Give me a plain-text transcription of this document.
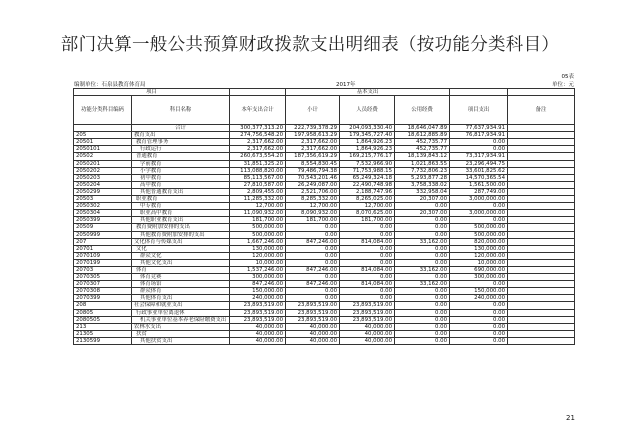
部门决算一般公共预算财政拨款支出明细表（按功能分类科目）
05表
编制单位：石泉县教育体育局	2017年	单位：元
项目			基本支出				
功能分类科目编码	科目名称	本年支出合计	小计	人员经费	公用经费	项目支出	备注
	合计	300,377,313.20	222,739,378.29	204,093,330.40	18,646,047.89	77,637,934.91	
205	教育支出	274,756,548.20	197,958,613.29	179,345,727.40	18,612,885.89	76,817,934.91	
20501	教育管理事务	2,317,662.00	2,317,662.00	1,864,926.23	452,735.77	0.00	
2050101	行政运行	2,317,662.00	2,317,662.00	1,864,926.23	452,735.77	0.00	
20502	普通教育	260,673,554.20	187,356,619.29	169,215,776.17	18,139,843.12	73,317,934.91	
2050201	学前教育	31,851,325.20	8,554,830.45	7,532,966.90	1,021,863.55	23,296,494.75	
2050202	小学教育	113,088,820.00	79,486,794.38	71,753,988.15	7,732,806.23	33,601,825.62	
2050203	初中教育	85,113,567.00	70,543,201.46	65,249,324.18	5,293,877.28	14,570,365.54	
2050204	高中教育	27,810,587.00	26,249,087.00	22,490,748.98	3,758,338.02	1,561,500.00	
2050299	其他普通教育支出	2,809,455.00	2,521,706.00	2,188,747.96	332,958.04	287,749.00	
20503	职业教育	11,285,332.00	8,285,332.00	8,265,025.00	20,307.00	3,000,000.00	
2050302	中专教育	12,700.00	12,700.00	12,700.00	0.00	0.00	
2050304	职业高中教育	11,090,932.00	8,090,932.00	8,070,625.00	20,307.00	3,000,000.00	
2050399	其他职业教育支出	181,700.00	181,700.00	181,700.00	0.00	0.00	
20509	教育费附加安排的支出	500,000.00	0.00	0.00	0.00	500,000.00	
2050999	其他教育费附加安排的支出	500,000.00	0.00	0.00	0.00	500,000.00	
207	文化体育与传媒支出	1,667,246.00	847,246.00	814,084.00	33,162.00	820,000.00	
20701	文化	130,000.00	0.00	0.00	0.00	130,000.00	
2070109	群众文化	120,000.00	0.00	0.00	0.00	120,000.00	
2070199	其他文化支出	10,000.00	0.00	0.00	0.00	10,000.00	
20703	体育	1,537,246.00	847,246.00	814,084.00	33,162.00	690,000.00	
2070305	体育竞赛	300,000.00	0.00	0.00	0.00	300,000.00	
2070307	体育场馆	847,246.00	847,246.00	814,084.00	33,162.00	0.00	
2070308	群众体育	150,000.00	0.00	0.00	0.00	150,000.00	
2070399	其他体育支出	240,000.00	0.00	0.00	0.00	240,000.00	
208	社会保障和就业支出	23,893,519.00	23,893,519.00	23,893,519.00	0.00	0.00	
20805	行政事业单位离退休	23,893,519.00	23,893,519.00	23,893,519.00	0.00	0.00	
2080505	机关事业单位基本养老保险缴费支出	23,893,519.00	23,893,519.00	23,893,519.00	0.00	0.00	
213	农林水支出	40,000.00	40,000.00	40,000.00	0.00	0.00	
21305	扶贫	40,000.00	40,000.00	40,000.00	0.00	0.00	
2130599	其他扶贫支出	40,000.00	40,000.00	40,000.00	0.00	0.00	
21
